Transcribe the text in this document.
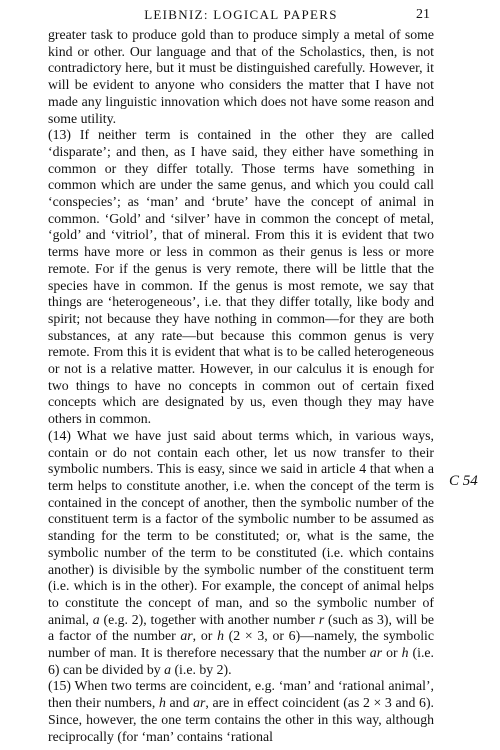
LEIBNIZ: LOGICAL PAPERS	21

greater task to produce gold than to produce simply a metal of some kind or other. Our language and that of the Scholastics, then, is not contradictory here, but it must be distinguished carefully. However, it will be evident to anyone who considers the matter that I have not made any linguistic innovation which does not have some reason and some utility.

(13) If neither term is contained in the other they are called ‘disparate’; and then, as I have said, they either have something in common or they differ totally. Those terms have something in common which are under the same genus, and which you could call ‘conspecies’; as ‘man’ and ‘brute’ have the concept of animal in common. ‘Gold’ and ‘silver’ have in common the concept of metal, ‘gold’ and ‘vitriol’, that of mineral. From this it is evident that two terms have more or less in common as their genus is less or more remote. For if the genus is very remote, there will be little that the species have in common. If the genus is most remote, we say that things are ‘heterogeneous’, i.e. that they differ totally, like body and spirit; not because they have nothing in common—for they are both substances, at any rate—but because this common genus is very remote. From this it is evident that what is to be called heterogeneous or not is a relative matter. However, in our calculus it is enough for two things to have no concepts in common out of certain fixed concepts which are designated by us, even though they may have others in common.

(14) What we have just said about terms which, in various ways, contain or do not contain each other, let us now transfer to their symbolic numbers. This is easy, since we said in article 4 that when a term helps to constitute another, i.e. when the concept of the term is contained in the concept of another, then the symbolic number of the constituent term is a factor of the symbolic number to be assumed as standing for the term to be constituted; or, what is the same, the symbolic number of the term to be constituted (i.e. which contains another) is divisible by the symbolic number of the constituent term (i.e. which is in the other). For example, the concept of animal helps to constitute the concept of man, and so the symbolic number of animal, a (e.g. 2), together with another number r (such as 3), will be a factor of the number ar, or h (2 × 3, or 6)—namely, the symbolic number of man. It is therefore necessary that the number ar or h (i.e. 6) can be divided by a (i.e. by 2).

(15) When two terms are coincident, e.g. ‘man’ and ‘rational animal’, then their numbers, h and ar, are in effect coincident (as 2 × 3 and 6). Since, however, the one term contains the other in this way, although reciprocally (for ‘man’ contains ‘rational

C 54
